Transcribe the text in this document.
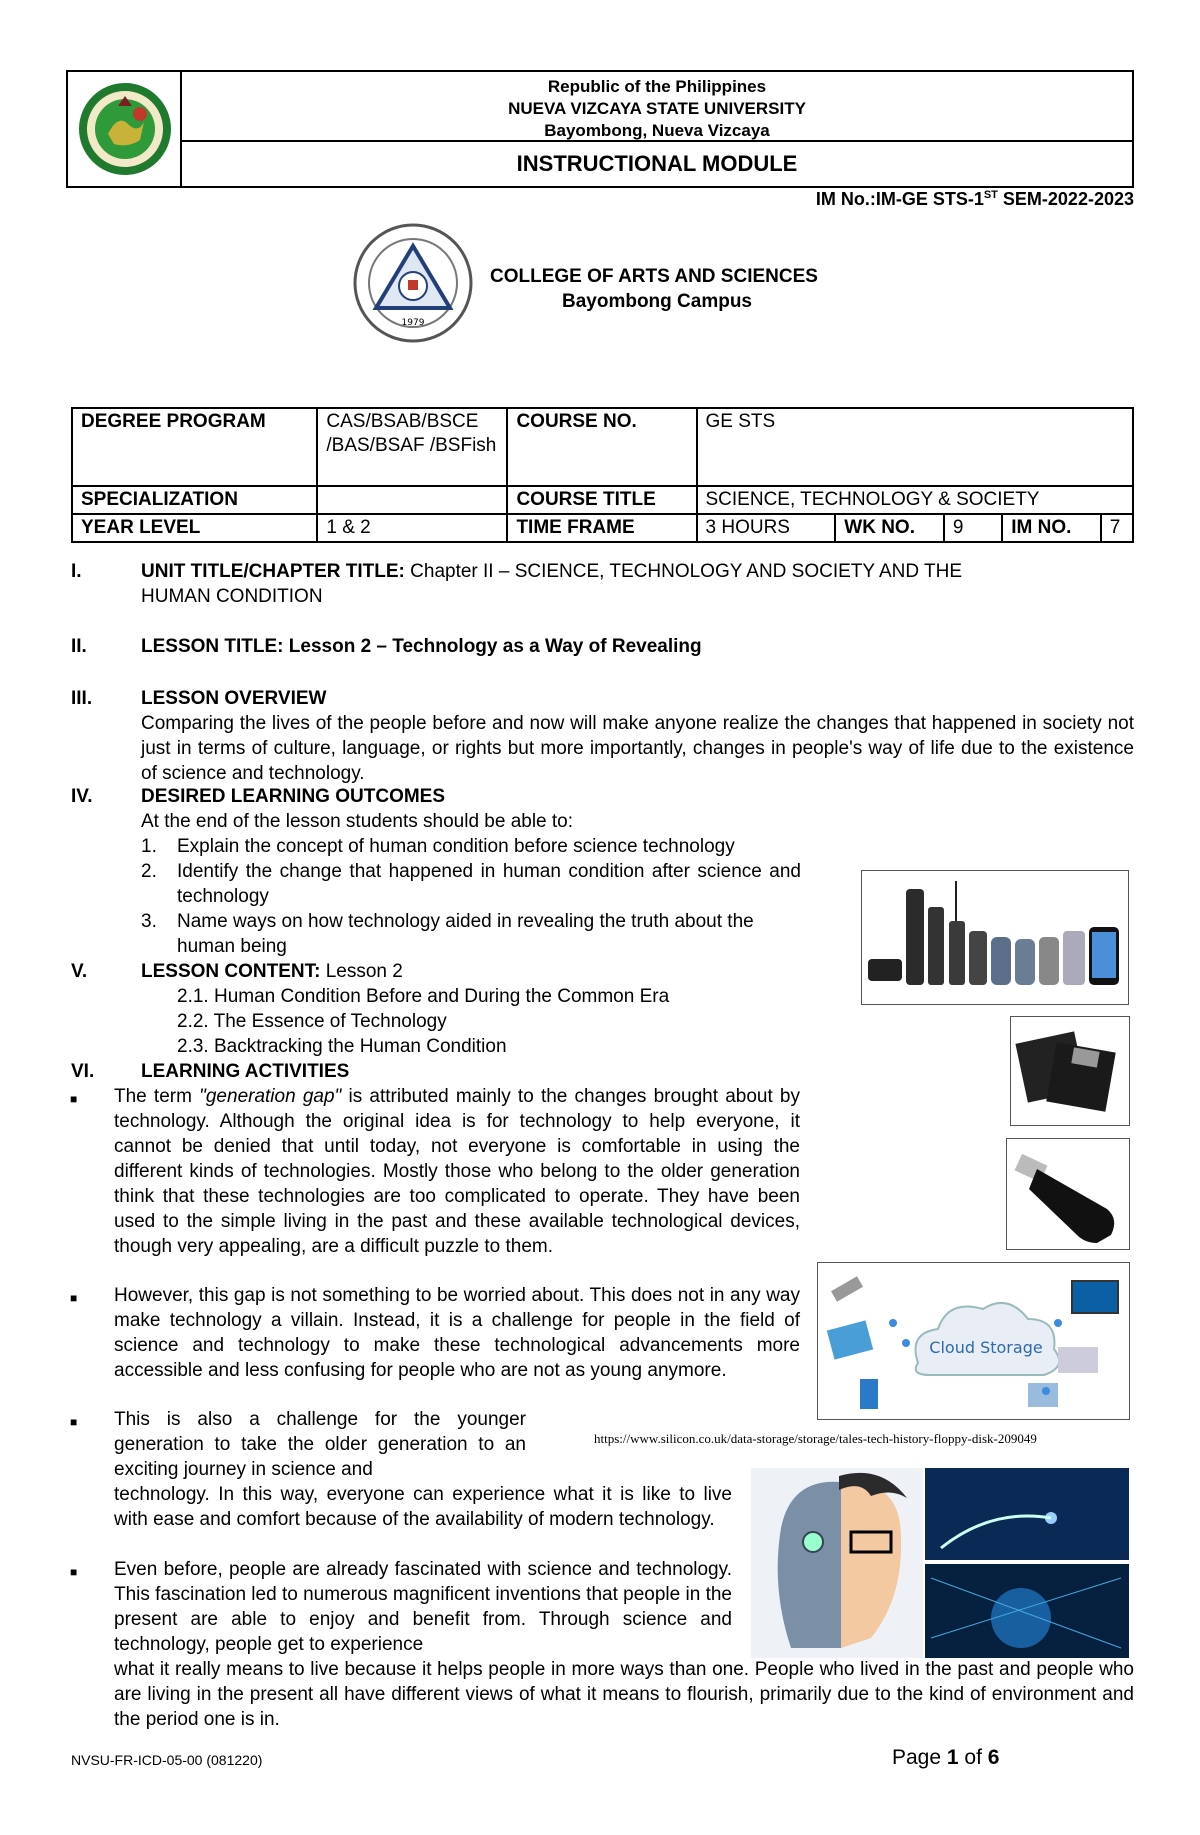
Republic of the Philippines
NUEVA VIZCAYA STATE UNIVERSITY
Bayombong, Nueva Vizcaya
INSTRUCTIONAL MODULE
IM No.:IM-GE STS-1ST SEM-2022-2023
1979
COLLEGE OF ARTS AND SCIENCES
Bayombong Campus
DEGREE PROGRAM	CAS/BSAB/BSCE /BAS/BSAF /BSFish	COURSE NO.	GE STS				
SPECIALIZATION		COURSE TITLE	SCIENCE, TECHNOLOGY & SOCIETY				
YEAR LEVEL	1 & 2	TIME FRAME	3 HOURS	WK NO.	9	IM NO.	7
I.	UNIT TITLE/CHAPTER TITLE: Chapter II – SCIENCE, TECHNOLOGY AND SOCIETY AND THE
HUMAN CONDITION
II.	LESSON TITLE: Lesson 2 – Technology as a Way of Revealing
III.	LESSON OVERVIEW
Comparing the lives of the people before and now will make anyone realize the changes that happened in society not just in terms of culture, language, or rights but more importantly, changes in people's way of life due to the existence of science and technology.
IV.	DESIRED LEARNING OUTCOMES
At the end of the lesson students should be able to:
1. Explain the concept of human condition before science technology
2. Identify the change that happened in human condition after science and technology
3. Name ways on how technology aided in revealing the truth about the human being
V.	LESSON CONTENT: Lesson 2
2.1. Human Condition Before and During the Common Era
2.2. The Essence of Technology
2.3. Backtracking the Human Condition
VI. LEARNING ACTIVITIES
■ The term "generation gap" is attributed mainly to the changes brought about by technology. Although the original idea is for technology to help everyone, it cannot be denied that until today, not everyone is comfortable in using the different kinds of technologies. Mostly those who belong to the older generation think that these technologies are too complicated to operate. They have been used to the simple living in the past and these available technological devices, though very appealing, are a difficult puzzle to them.
■ However, this gap is not something to be worried about. This does not in any way make technology a villain. Instead, it is a challenge for people in the field of science and technology to make these technological advancements more accessible and less confusing for people who are not as young anymore.
■ This is also a challenge for the younger generation to take the older generation to an exciting journey in science and
technology. In this way, everyone can experience what it is like to live with ease and comfort because of the availability of modern technology.
■ Even before, people are already fascinated with science and technology. This fascination led to numerous magnificent inventions that people in the present are able to enjoy and benefit from. Through science and technology, people get to experience
what it really means to live because it helps people in more ways than one. People who lived in the past and people who are living in the present all have different views of what it means to flourish, primarily due to the kind of environment and the period one is in.
Cloud Storage
https://www.silicon.co.uk/data-storage/storage/tales-tech-history-floppy-disk-209049
NVSU-FR-ICD-05-00 (081220)	Page 1 of 6
